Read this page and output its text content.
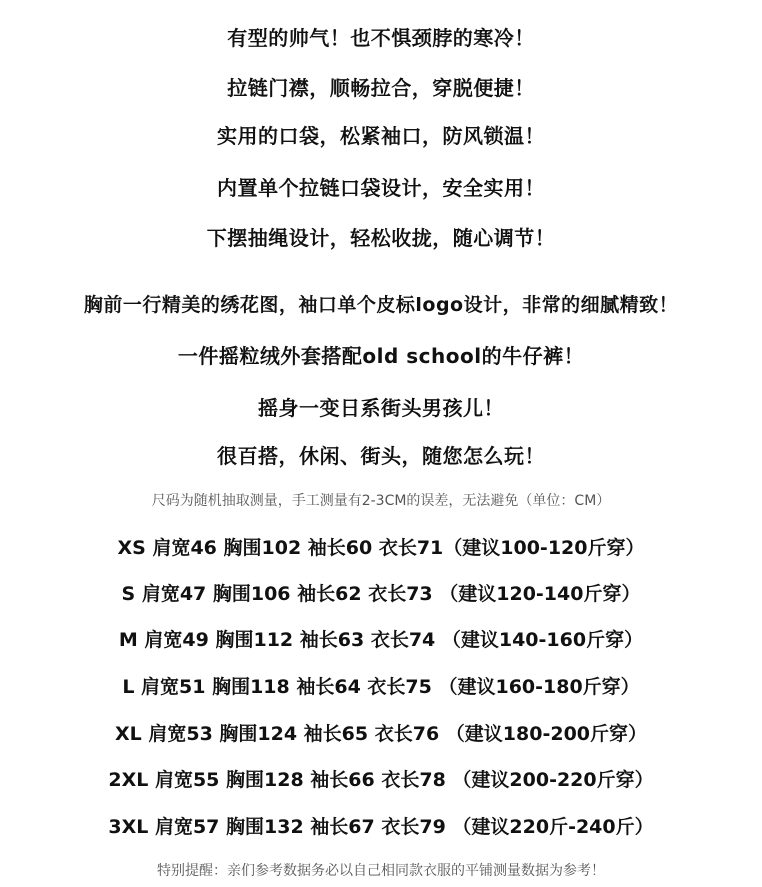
有型的帅气！也不惧颈脖的寒冷！
拉链门襟，顺畅拉合，穿脱便捷！
实用的口袋，松紧袖口，防风锁温！
内置单个拉链口袋设计，安全实用！
下摆抽绳设计，轻松收拢，随心调节！
胸前一行精美的绣花图，袖口单个皮标logo设计，非常的细腻精致！
一件摇粒绒外套搭配old school的牛仔裤！
摇身一变日系街头男孩儿！
很百搭，休闲、街头，随您怎么玩！
尺码为随机抽取测量，手工测量有2-3CM的误差，无法避免（单位：CM）
XS 肩宽46 胸围102 袖长60 衣长71（建议100-120斤穿）
S 肩宽47 胸围106 袖长62 衣长73 （建议120-140斤穿）
M 肩宽49 胸围112 袖长63 衣长74 （建议140-160斤穿）
L 肩宽51 胸围118 袖长64 衣长75 （建议160-180斤穿）
XL 肩宽53 胸围124 袖长65 衣长76 （建议180-200斤穿）
2XL 肩宽55 胸围128 袖长66 衣长78 （建议200-220斤穿）
3XL 肩宽57 胸围132 袖长67 衣长79 （建议220斤-240斤）
特别提醒：亲们参考数据务必以自己相同款衣服的平铺测量数据为参考！
